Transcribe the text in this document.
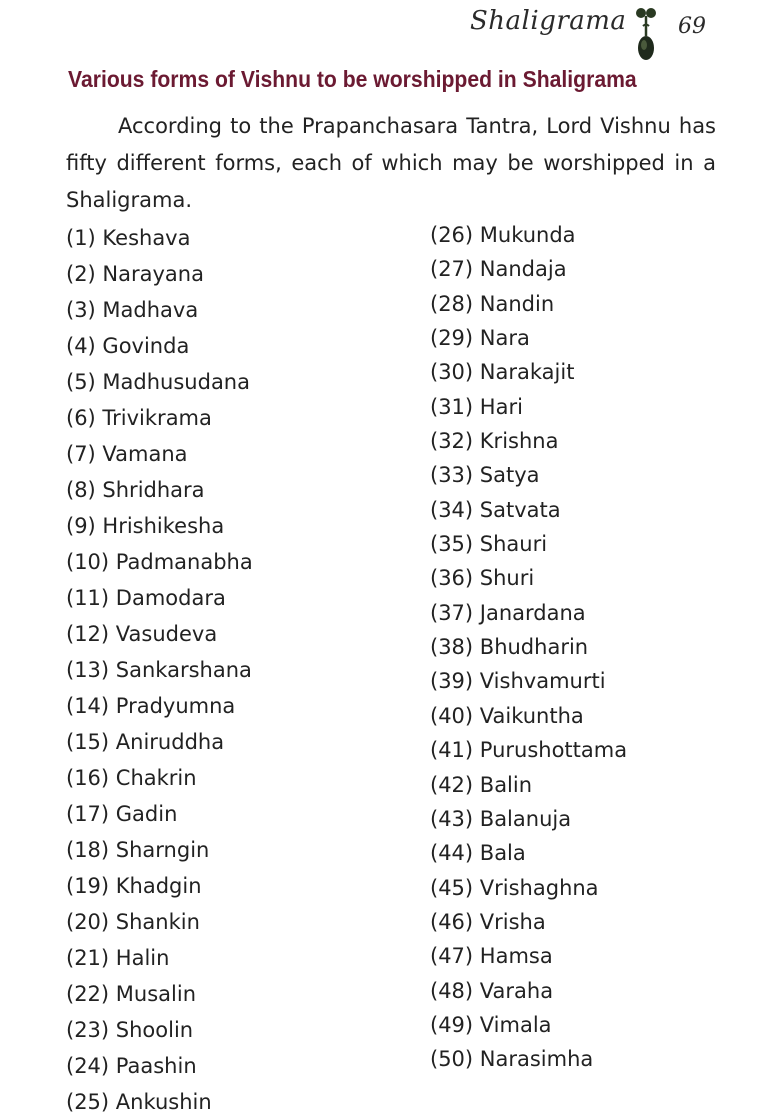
Shaligrama 69
Various forms of Vishnu to be worshipped in Shaligrama

According to the Prapanchasara Tantra, Lord Vishnu has fifty different forms, each of which may be worshipped in a Shaligrama.

(1) Keshava
(2) Narayana
(3) Madhava
(4) Govinda
(5) Madhusudana
(6) Trivikrama
(7) Vamana
(8) Shridhara
(9) Hrishikesha
(10) Padmanabha
(11) Damodara
(12) Vasudeva
(13) Sankarshana
(14) Pradyumna
(15) Aniruddha
(16) Chakrin
(17) Gadin
(18) Sharngin
(19) Khadgin
(20) Shankin
(21) Halin
(22) Musalin
(23) Shoolin
(24) Paashin
(25) Ankushin
(26) Mukunda
(27) Nandaja
(28) Nandin
(29) Nara
(30) Narakajit
(31) Hari
(32) Krishna
(33) Satya
(34) Satvata
(35) Shauri
(36) Shuri
(37) Janardana
(38) Bhudharin
(39) Vishvamurti
(40) Vaikuntha
(41) Purushottama
(42) Balin
(43) Balanuja
(44) Bala
(45) Vrishaghna
(46) Vrisha
(47) Hamsa
(48) Varaha
(49) Vimala
(50) Narasimha
